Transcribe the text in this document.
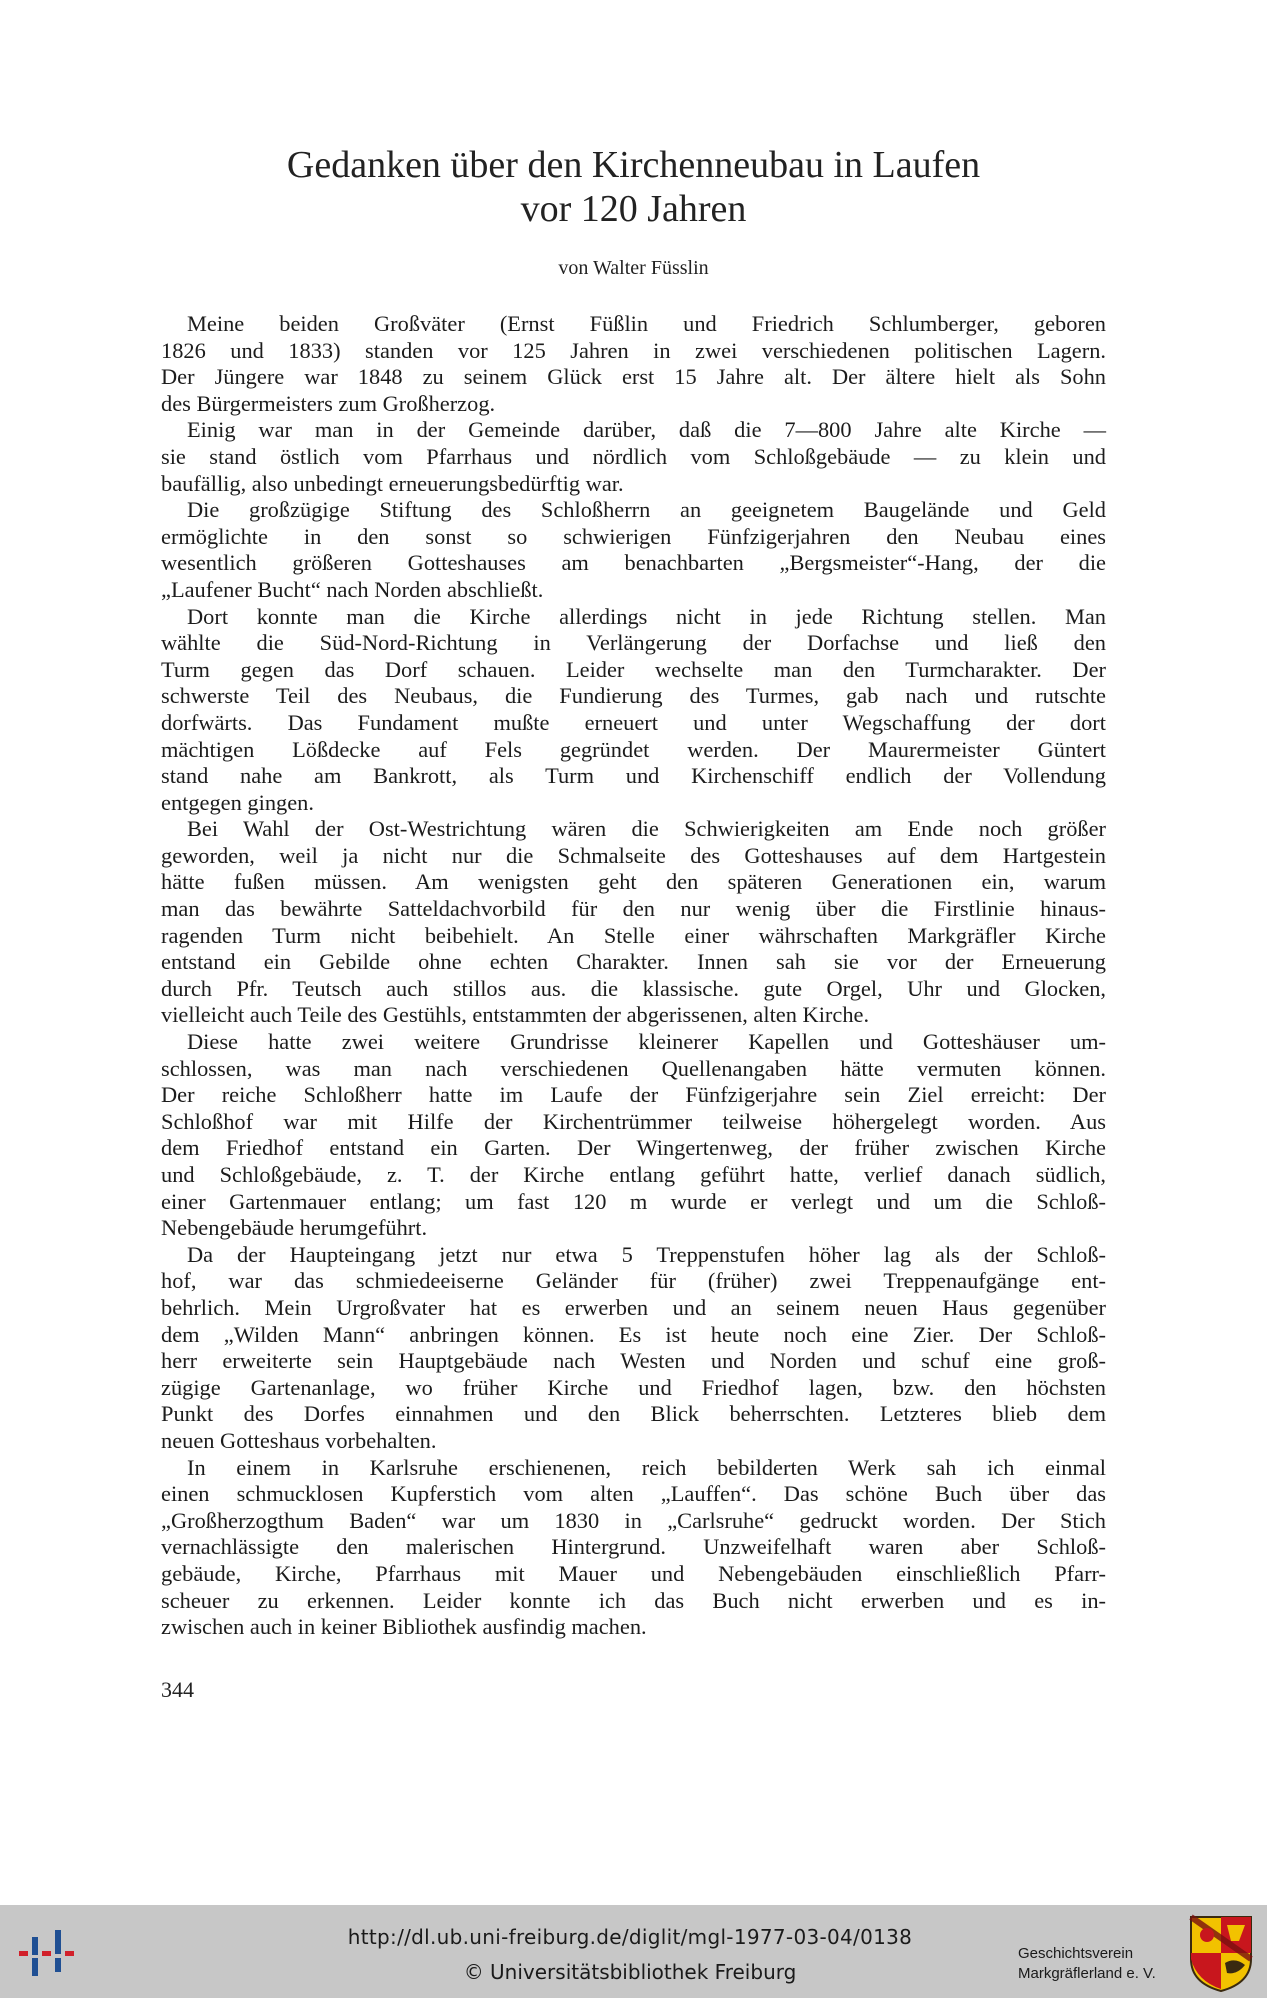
Gedanken über den Kirchenneubau in Laufen
vor 120 Jahren
von Walter Füsslin
Meine beiden Großväter (Ernst Füßlin und Friedrich Schlumberger, geboren
1826 und 1833) standen vor 125 Jahren in zwei verschiedenen politischen Lagern.
Der Jüngere war 1848 zu seinem Glück erst 15 Jahre alt. Der ältere hielt als Sohn
des Bürgermeisters zum Großherzog.
Einig war man in der Gemeinde darüber, daß die 7—800 Jahre alte Kirche —
sie stand östlich vom Pfarrhaus und nördlich vom Schloßgebäude — zu klein und
baufällig, also unbedingt erneuerungsbedürftig war.
Die großzügige Stiftung des Schloßherrn an geeignetem Baugelände und Geld
ermöglichte in den sonst so schwierigen Fünfzigerjahren den Neubau eines
wesentlich größeren Gotteshauses am benachbarten „Bergsmeister“-Hang, der die
„Laufener Bucht“ nach Norden abschließt.
Dort konnte man die Kirche allerdings nicht in jede Richtung stellen. Man
wählte die Süd-Nord-Richtung in Verlängerung der Dorfachse und ließ den
Turm gegen das Dorf schauen. Leider wechselte man den Turmcharakter. Der
schwerste Teil des Neubaus, die Fundierung des Turmes, gab nach und rutschte
dorfwärts. Das Fundament mußte erneuert und unter Wegschaffung der dort
mächtigen Lößdecke auf Fels gegründet werden. Der Maurermeister Güntert
stand nahe am Bankrott, als Turm und Kirchenschiff endlich der Vollendung
entgegen gingen.
Bei Wahl der Ost-Westrichtung wären die Schwierigkeiten am Ende noch größer
geworden, weil ja nicht nur die Schmalseite des Gotteshauses auf dem Hartgestein
hätte fußen müssen. Am wenigsten geht den späteren Generationen ein, warum
man das bewährte Satteldachvorbild für den nur wenig über die Firstlinie hinaus-
ragenden Turm nicht beibehielt. An Stelle einer währschaften Markgräfler Kirche
entstand ein Gebilde ohne echten Charakter. Innen sah sie vor der Erneuerung
durch Pfr. Teutsch auch stillos aus. die klassische. gute Orgel, Uhr und Glocken,
vielleicht auch Teile des Gestühls, entstammten der abgerissenen, alten Kirche.
Diese hatte zwei weitere Grundrisse kleinerer Kapellen und Gotteshäuser um-
schlossen, was man nach verschiedenen Quellenangaben hätte vermuten können.
Der reiche Schloßherr hatte im Laufe der Fünfzigerjahre sein Ziel erreicht: Der
Schloßhof war mit Hilfe der Kirchentrümmer teilweise höhergelegt worden. Aus
dem Friedhof entstand ein Garten. Der Wingertenweg, der früher zwischen Kirche
und Schloßgebäude, z. T. der Kirche entlang geführt hatte, verlief danach südlich,
einer Gartenmauer entlang; um fast 120 m wurde er verlegt und um die Schloß-
Nebengebäude herumgeführt.
Da der Haupteingang jetzt nur etwa 5 Treppenstufen höher lag als der Schloß-
hof, war das schmiedeeiserne Geländer für (früher) zwei Treppenaufgänge ent-
behrlich. Mein Urgroßvater hat es erwerben und an seinem neuen Haus gegenüber
dem „Wilden Mann“ anbringen können. Es ist heute noch eine Zier. Der Schloß-
herr erweiterte sein Hauptgebäude nach Westen und Norden und schuf eine groß-
zügige Gartenanlage, wo früher Kirche und Friedhof lagen, bzw. den höchsten
Punkt des Dorfes einnahmen und den Blick beherrschten. Letzteres blieb dem
neuen Gotteshaus vorbehalten.
In einem in Karlsruhe erschienenen, reich bebilderten Werk sah ich einmal
einen schmucklosen Kupferstich vom alten „Lauffen“. Das schöne Buch über das
„Großherzogthum Baden“ war um 1830 in „Carlsruhe“ gedruckt worden. Der Stich
vernachlässigte den malerischen Hintergrund. Unzweifelhaft waren aber Schloß-
gebäude, Kirche, Pfarrhaus mit Mauer und Nebengebäuden einschließlich Pfarr-
scheuer zu erkennen. Leider konnte ich das Buch nicht erwerben und es in-
zwischen auch in keiner Bibliothek ausfindig machen.
344
http://dl.ub.uni-freiburg.de/diglit/mgl-1977-03-04/0138
© Universitätsbibliothek Freiburg
Geschichtsverein
Markgräflerland e. V.
